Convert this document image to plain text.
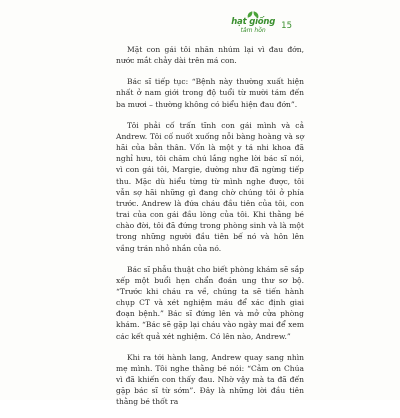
hạt giống
tâm hồn 15

Mặt con gái tôi nhăn nhúm lại vì đau đớn, nước mắt chảy dài trên má con.

Bác sĩ tiếp tục: “Bệnh này thường xuất hiện nhất ở nam giới trong độ tuổi từ mười tám đến ba mươi – thường không có biểu hiện đau đớn”.

Tôi phải cố trấn tĩnh con gái mình và cả Andrew. Tôi cố nuốt xuống nỗi bàng hoàng và sợ hãi của bản thân. Vốn là một y tá nhi khoa đã nghỉ hưu, tôi chăm chú lắng nghe lời bác sĩ nói, vì con gái tôi, Margie, dường như đã ngừng tiếp thu. Mặc dù hiểu từng từ mình nghe được, tôi vẫn sợ hãi những gì đang chờ chúng tôi ở phía trước. Andrew là đứa cháu đầu tiên của tôi, con trai của con gái đầu lòng của tôi. Khi thằng bé chào đời, tôi đã đứng trong phòng sinh và là một trong những người đầu tiên bế nó và hôn lên vầng trán nhỏ nhắn của nó.

Bác sĩ phẫu thuật cho biết phòng khám sẽ sắp xếp một buổi hẹn chẩn đoán ung thư sơ bộ. “Trước khi cháu ra về, chúng ta sẽ tiến hành chụp CT và xét nghiệm máu để xác định giai đoạn bệnh.” Bác sĩ đứng lên và mở cửa phòng khám. “Bác sẽ gặp lại cháu vào ngày mai để xem các kết quả xét nghiệm. Có lên nào, Andrew.”

Khi ra tới hành lang, Andrew quay sang nhìn mẹ mình. Tôi nghe thằng bé nói: “Cảm ơn Chúa vì đã khiến con thấy đau. Nhờ vậy mà ta đã đến gặp bác sĩ từ sớm”. Đây là những lời đầu tiên thằng bé thốt ra
